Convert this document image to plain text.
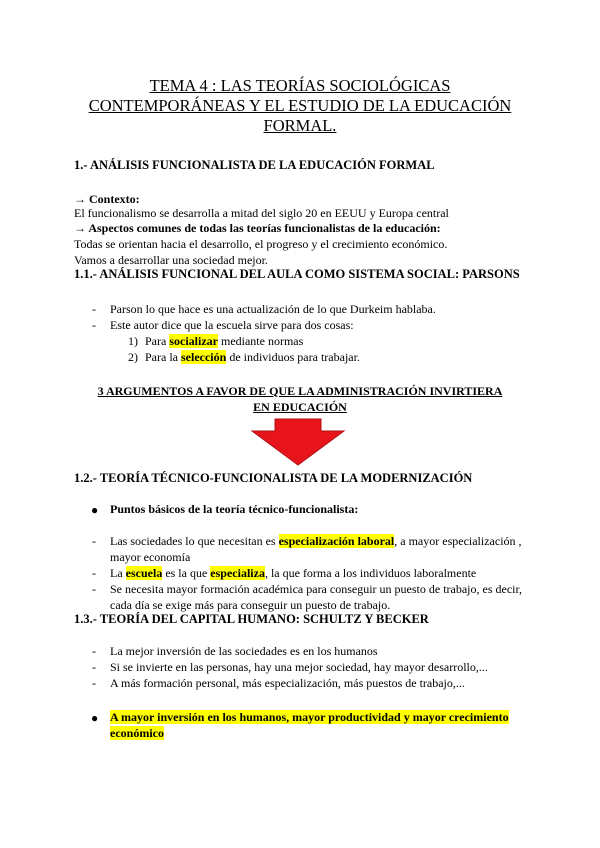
TEMA 4 : LAS TEORÍAS SOCIOLÓGICAS
CONTEMPORÁNEAS Y EL ESTUDIO DE LA EDUCACIÓN
FORMAL.
1.- ANÁLISIS FUNCIONALISTA DE LA EDUCACIÓN FORMAL
→ Contexto:
El funcionalismo se desarrolla a mitad del siglo 20 en EEUU y Europa central
→ Aspectos comunes de todas las teorías funcionalistas de la educación:
Todas se orientan hacia el desarrollo, el progreso y el crecimiento económico.
Vamos a desarrollar una sociedad mejor.
1.1.- ANÁLISIS FUNCIONAL DEL AULA COMO SISTEMA SOCIAL: PARSONS
- Parson lo que hace es una actualización de lo que Durkeim hablaba.
- Este autor dice que la escuela sirve para dos cosas:
1) Para socializar mediante normas
2) Para la selección de individuos para trabajar.
3 ARGUMENTOS A FAVOR DE QUE LA ADMINISTRACIÓN INVIRTIERA
EN EDUCACIÓN
1.2.- TEORÍA TÉCNICO-FUNCIONALISTA DE LA MODERNIZACIÓN
● Puntos básicos de la teoría técnico-funcionalista:
- Las sociedades lo que necesitan es especialización laboral, a mayor especialización ,
mayor economía
- La escuela es la que especializa, la que forma a los individuos laboralmente
- Se necesita mayor formación académica para conseguir un puesto de trabajo, es decir,
cada día se exige más para conseguir un puesto de trabajo.
1.3.- TEORÍA DEL CAPITAL HUMANO: SCHULTZ Y BECKER
- La mejor inversión de las sociedades es en los humanos
- Si se invierte en las personas, hay una mejor sociedad, hay mayor desarrollo,...
- A más formación personal, más especialización, más puestos de trabajo,...
● A mayor inversión en los humanos, mayor productividad y mayor crecimiento
económico
